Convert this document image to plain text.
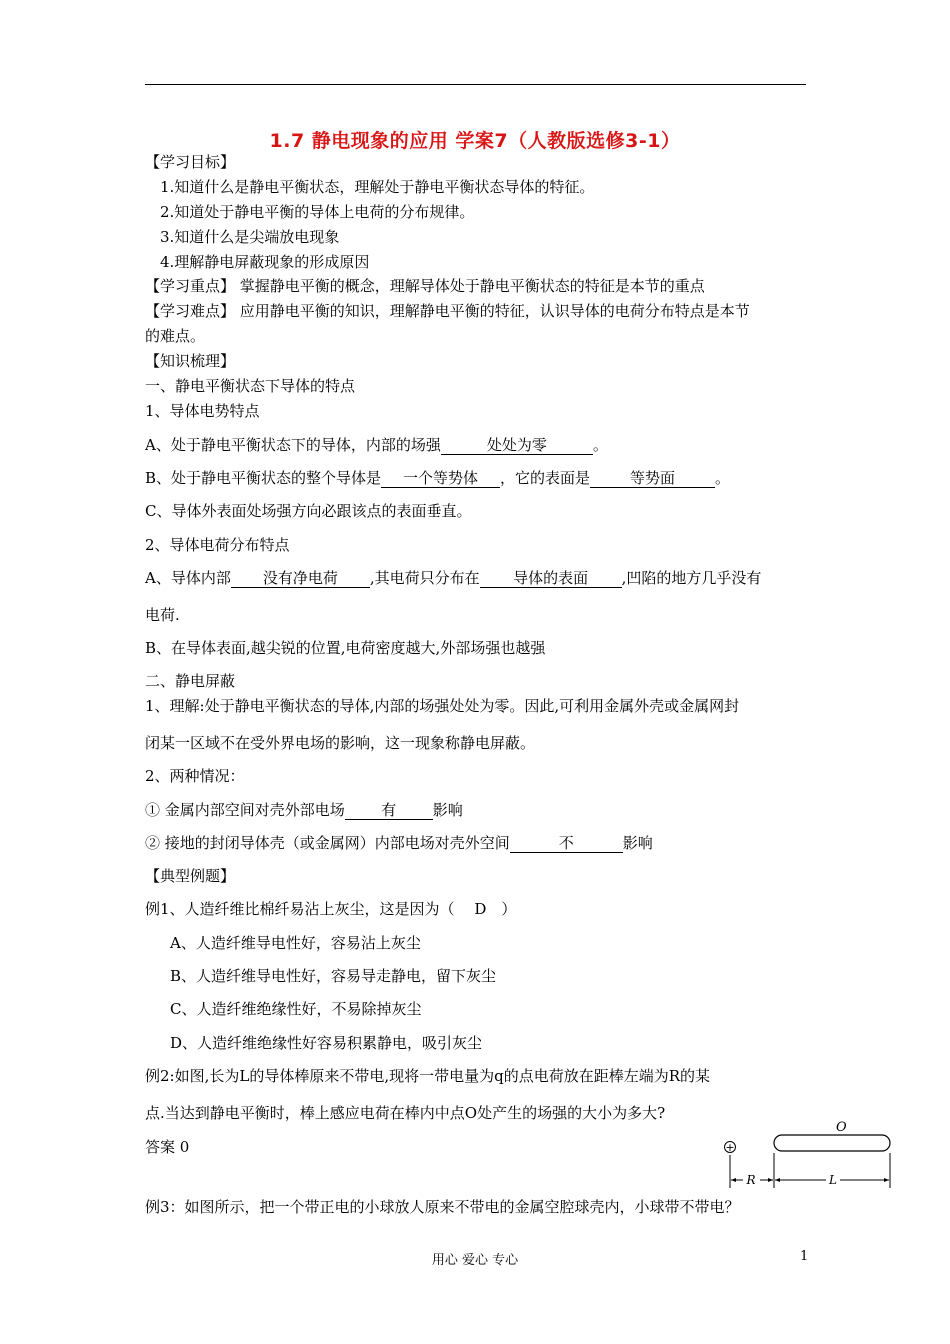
1.7 静电现象的应用 学案7（人教版选修3-1）
【学习目标】
1.知道什么是静电平衡状态，理解处于静电平衡状态导体的特征。
2.知道处于静电平衡的导体上电荷的分布规律。
3.知道什么是尖端放电现象
4.理解静电屏蔽现象的形成原因
【学习重点】 掌握静电平衡的概念，理解导体处于静电平衡状态的特征是本节的重点
【学习难点】 应用静电平衡的知识，理解静电平衡的特征，认识导体的电荷分布特点是本节
的难点。
【知识梳理】
一、静电平衡状态下导体的特点
1、导体电势特点
A、处于静电平衡状态下的导体，内部的场强	处处为零	。
B、处于静电平衡状态的整个导体是 一个等势体 ，它的表面是	等势面	。
C、导体外表面处场强方向必跟该点的表面垂直。
2、导体电荷分布特点
A、导体内部 没有净电荷 ,其电荷只分布在 导体的表面 ,凹陷的地方几乎没有
电荷.
B、在导体表面,越尖锐的位置,电荷密度越大,外部场强也越强
二、静电屏蔽
1、理解:处于静电平衡状态的导体,内部的场强处处为零。因此,可利用金属外壳或金属网封
闭某一区域不在受外界电场的影响，这一现象称静电屏蔽。
2、两种情况：
① 金属内部空间对壳外部电场 有 影响
② 接地的封闭导体壳（或金属网）内部电场对壳外空间	不	影响
【典型例题】
例1、人造纤维比棉纤易沾上灰尘，这是因为（　 D　）
A、人造纤维导电性好，容易沾上灰尘
B、人造纤维导电性好，容易导走静电，留下灰尘
C、人造纤维绝缘性好，不易除掉灰尘
D、人造纤维绝缘性好容易积累静电，吸引灰尘
例2:如图,长为L的导体棒原来不带电,现将一带电量为q的点电荷放在距棒左端为R的某
点.当达到静电平衡时，棒上感应电荷在棒内中点O处产生的场强的大小为多大?
答案 0
例3：如图所示，把一个带正电的小球放人原来不带电的金属空腔球壳内，小球带不带电？
O
+
R	L
用心 爱心 专心	1
